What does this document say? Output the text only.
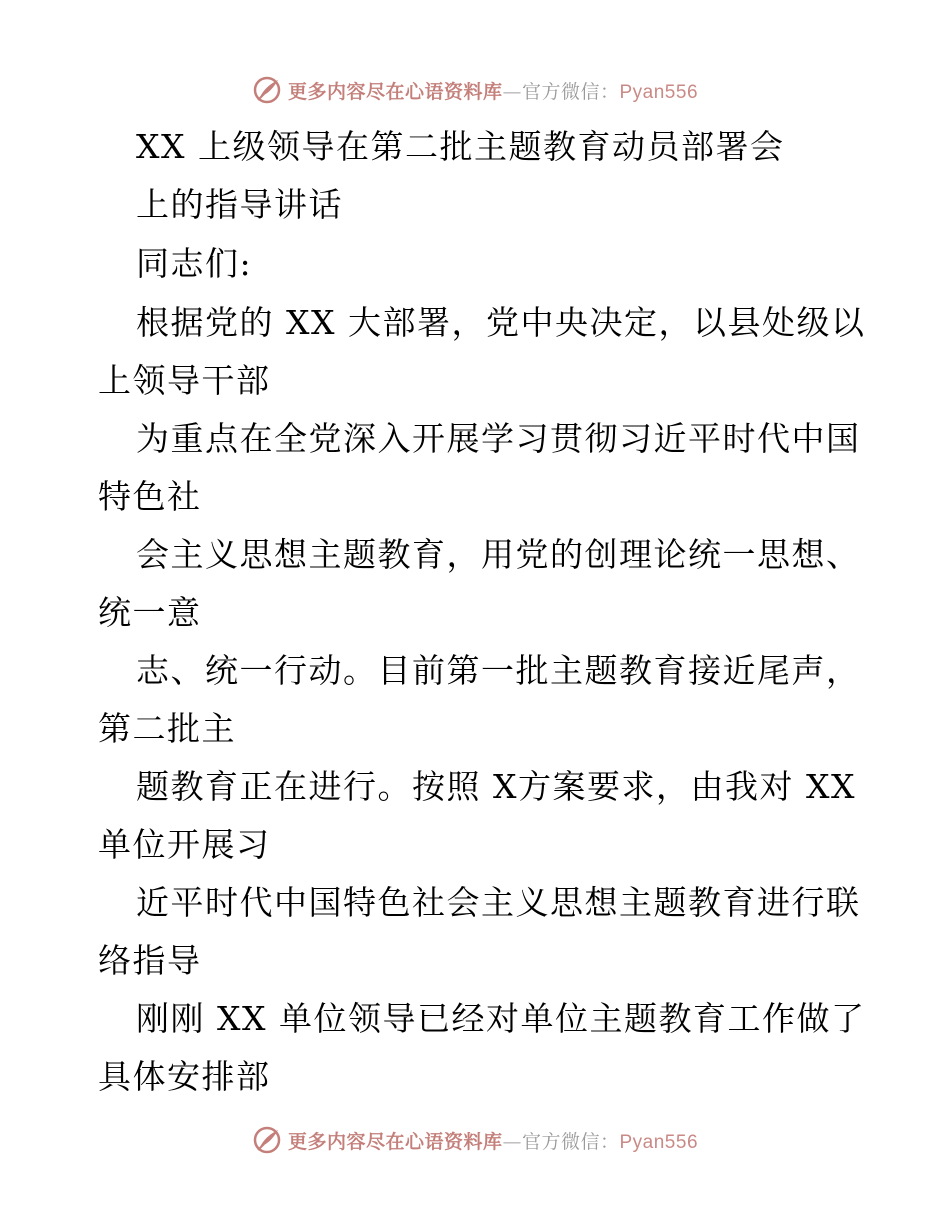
更多内容尽在心语资料库—官方微信：Pyan556
XX 上级领导在第二批主题教育动员部署会
上的指导讲话
同志们:
根据党的 XX 大部署，党中央决定，以县处级以
上领导干部
为重点在全党深入开展学习贯彻习近平时代中国
特色社
会主义思想主题教育，用党的创理论统一思想、
统一意
志、统一行动。目前第一批主题教育接近尾声，
第二批主
题教育正在进行。按照 X方案要求，由我对 XX
单位开展习
近平时代中国特色社会主义思想主题教育进行联
络指导
刚刚 XX 单位领导已经对单位主题教育工作做了
具体安排部
更多内容尽在心语资料库—官方微信：Pyan556
